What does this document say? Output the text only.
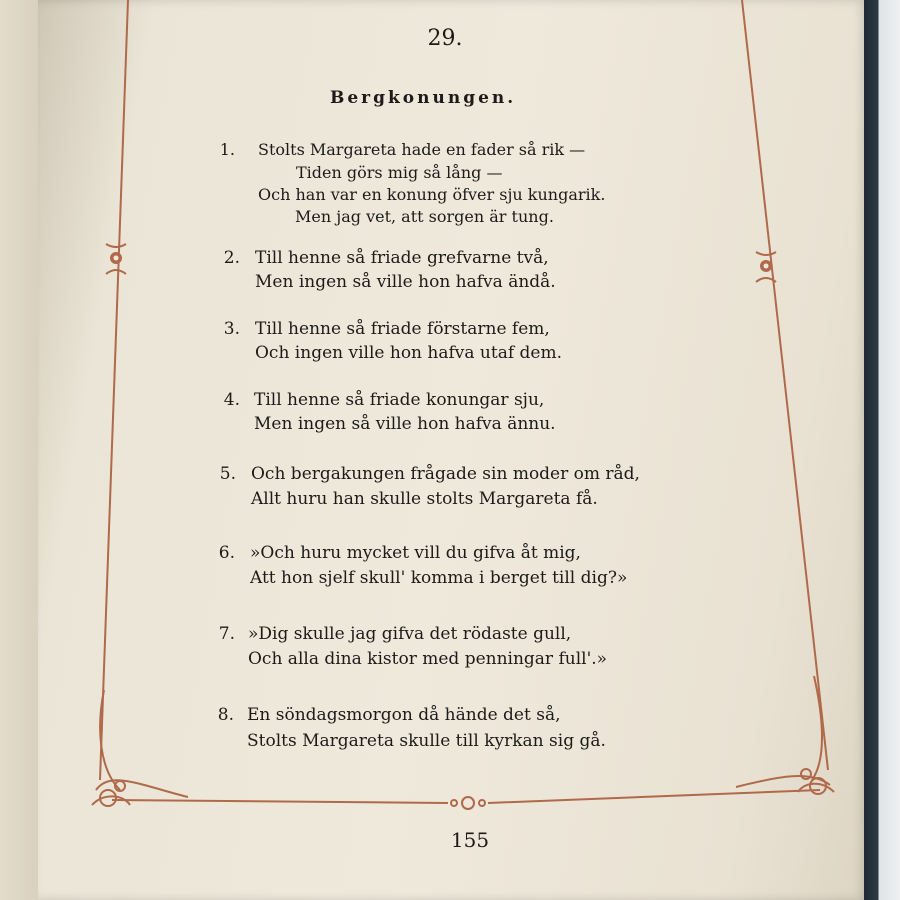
29.
Bergkonungen.
1. Stolts Margareta hade en fader så rik —
Tiden görs mig så lång —
Och han var en konung öfver sju kungarik.
Men jag vet, att sorgen är tung.
2. Till henne så friade grefvarne två,
Men ingen så ville hon hafva ändå.
3. Till henne så friade förstarne fem,
Och ingen ville hon hafva utaf dem.
4. Till henne så friade konungar sju,
Men ingen så ville hon hafva ännu.
5. Och bergakungen frågade sin moder om råd,
Allt huru han skulle stolts Margareta få.
6. »Och huru mycket vill du gifva åt mig,
Att hon sjelf skull' komma i berget till dig?»
7. »Dig skulle jag gifva det rödaste gull,
Och alla dina kistor med penningar full'.»
8. En söndagsmorgon då hände det så,
Stolts Margareta skulle till kyrkan sig gå.
155
